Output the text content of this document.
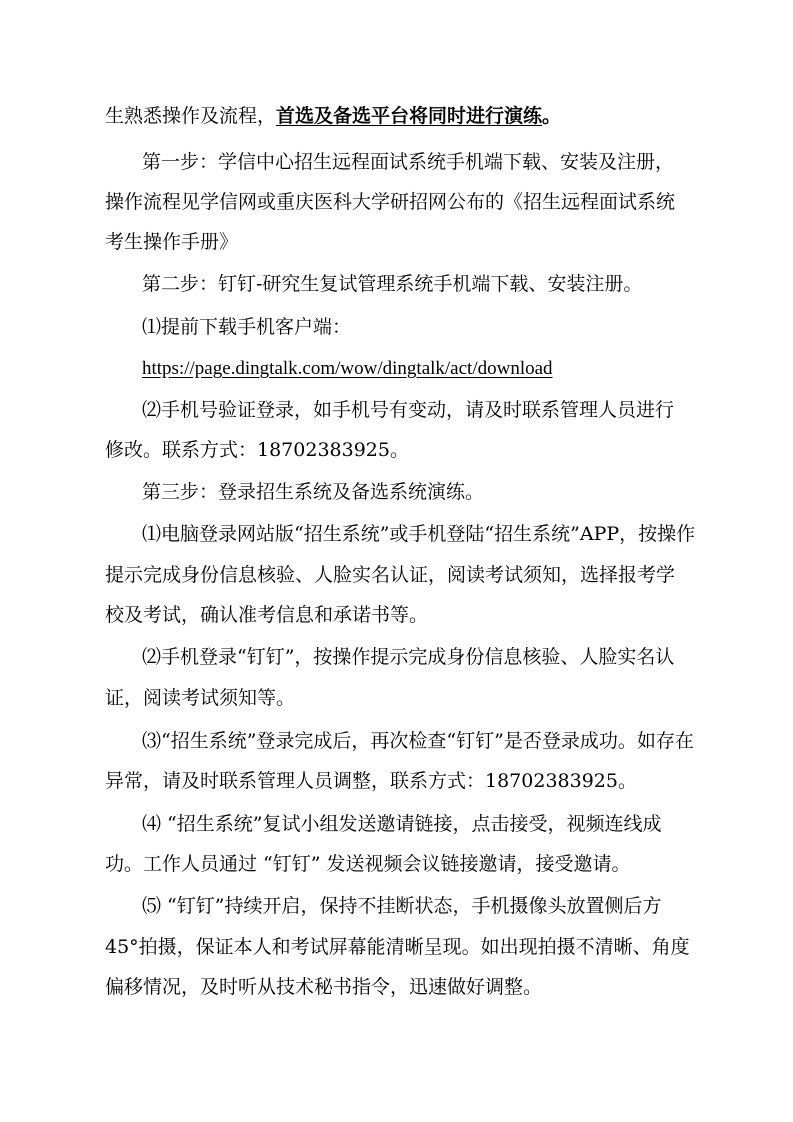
生熟悉操作及流程，首选及备选平台将同时进行演练。
第一步：学信中心招生远程面试系统手机端下载、安装及注册，
操作流程见学信网或重庆医科大学研招网公布的《招生远程面试系统
考生操作手册》
第二步：钉钉-研究生复试管理系统手机端下载、安装注册。
⑴提前下载手机客户端：
https://page.dingtalk.com/wow/dingtalk/act/download
⑵手机号验证登录，如手机号有变动，请及时联系管理人员进行
修改。联系方式：18702383925。
第三步：登录招生系统及备选系统演练。
⑴电脑登录网站版“招生系统”或手机登陆“招生系统”APP，按操作
提示完成身份信息核验、人脸实名认证，阅读考试须知，选择报考学
校及考试，确认准考信息和承诺书等。
⑵手机登录“钉钉”，按操作提示完成身份信息核验、人脸实名认
证，阅读考试须知等。
⑶“招生系统”登录完成后，再次检查“钉钉”是否登录成功。如存在
异常，请及时联系管理人员调整，联系方式：18702383925。
⑷ “招生系统”复试小组发送邀请链接，点击接受，视频连线成
功。工作人员通过 “钉钉” 发送视频会议链接邀请，接受邀请。
⑸ “钉钉”持续开启，保持不挂断状态，手机摄像头放置侧后方
45°拍摄，保证本人和考试屏幕能清晰呈现。如出现拍摄不清晰、角度
偏移情况，及时听从技术秘书指令，迅速做好调整。
